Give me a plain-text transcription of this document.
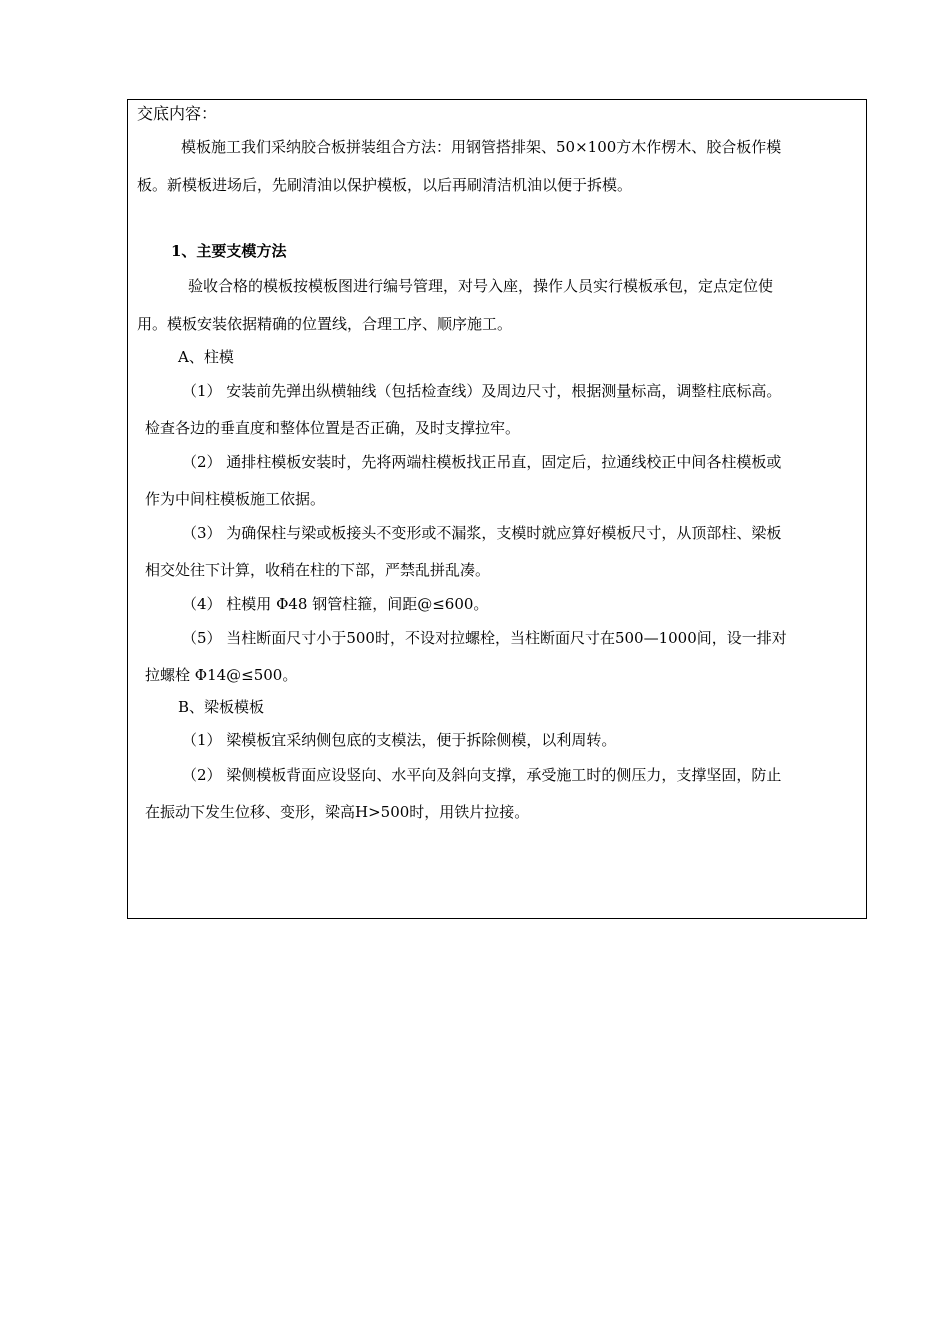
交底内容：
模板施工我们采纳胶合板拼装组合方法：用钢管搭排架、50×100方木作楞木、胶合板作模
板。新模板进场后，先刷清油以保护模板，以后再刷清洁机油以便于拆模。
1、主要支模方法
验收合格的模板按模板图进行编号管理，对号入座，操作人员实行模板承包，定点定位使
用。模板安装依据精确的位置线，合理工序、顺序施工。
A、柱模
（1） 安装前先弹出纵横轴线（包括检查线）及周边尺寸，根据测量标高，调整柱底标高。
检查各边的垂直度和整体位置是否正确，及时支撑拉牢。
（2） 通排柱模板安装时，先将两端柱模板找正吊直，固定后，拉通线校正中间各柱模板或
作为中间柱模板施工依据。
（3） 为确保柱与梁或板接头不变形或不漏浆，支模时就应算好模板尺寸，从顶部柱、梁板
相交处往下计算，收稍在柱的下部，严禁乱拼乱凑。
（4） 柱模用 Φ48 钢管柱箍，间距@≤600。
（5） 当柱断面尺寸小于500时，不设对拉螺栓，当柱断面尺寸在500—1000间，设一排对
拉螺栓 Φ14@≤500。
B、梁板模板
（1） 梁模板宜采纳侧包底的支模法，便于拆除侧模，以利周转。
（2） 梁侧模板背面应设竖向、水平向及斜向支撑，承受施工时的侧压力，支撑坚固，防止
在振动下发生位移、变形，梁高H>500时，用铁片拉接。
